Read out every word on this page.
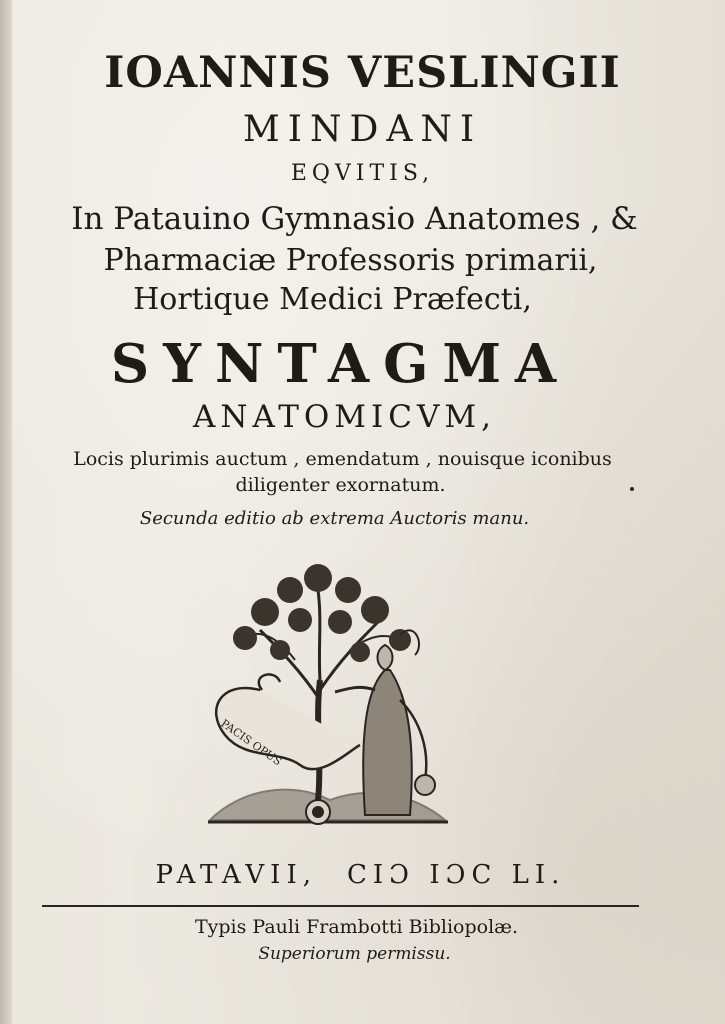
IOANNIS VESLINGII
MINDANI
EQVITIS,
In Patauino Gymnasio Anatomes , &
Pharmaciæ Professoris primarii,
Hortique Medici Præfecti,
SYNTAGMA
ANATOMICVM,
Locis plurimis auctum , emendatum , nouisque iconibus
diligenter exornatum.
Secunda editio ab extrema Auctoris manu.
PACIS OPUS
PATAVII, CIƆ IƆC LI.
Typis Pauli Frambotti Bibliopolæ.
Superiorum permissu.
